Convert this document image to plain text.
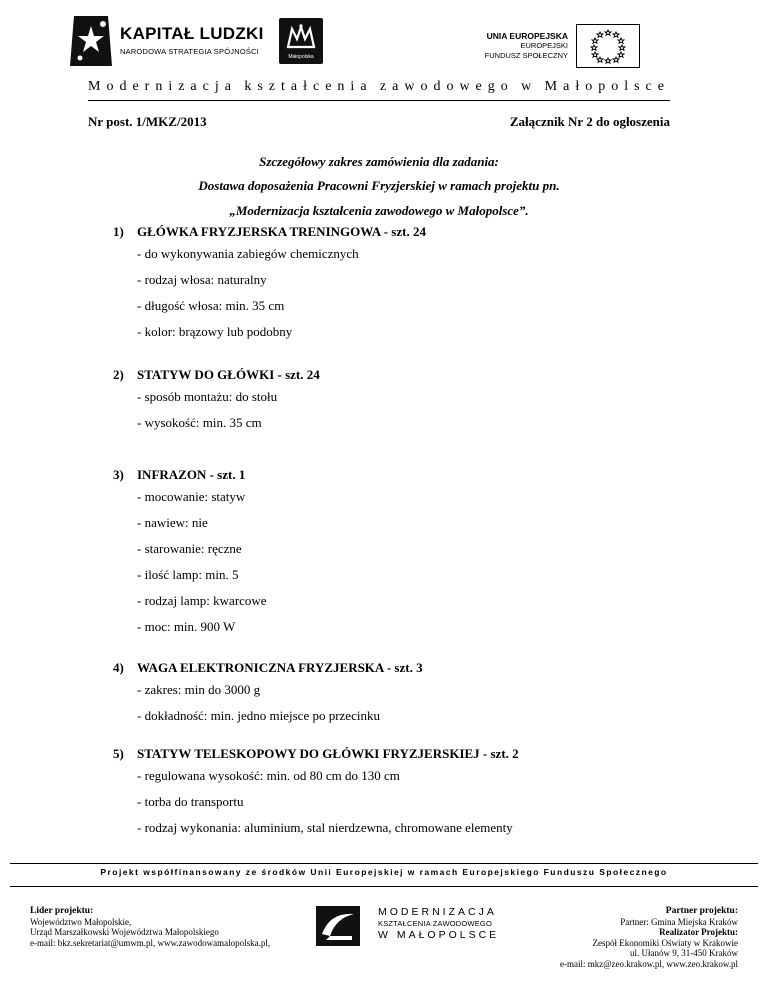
KAPITAŁ LUDZKI
NARODOWA STRATEGIA SPÓJNOŚCI
Małopolska
UNIA EUROPEJSKA
EUROPEJSKI
FUNDUSZ SPOŁECZNY
Modernizacja kształcenia zawodowego w Małopolsce
Nr post. 1/MKZ/2013	Załącznik Nr 2 do ogłoszenia
Szczegółowy zakres zamówienia dla zadania:
Dostawa doposażenia Pracowni Fryzjerskiej w ramach projektu pn.
„Modernizacja kształcenia zawodowego w Małopolsce”.
1) GŁÓWKA FRYZJERSKA TRENINGOWA - szt. 24
- do wykonywania zabiegów chemicznych
- rodzaj włosa: naturalny
- długość włosa: min. 35 cm
- kolor: brązowy lub podobny
2) STATYW DO GŁÓWKI - szt. 24
- sposób montażu: do stołu
- wysokość: min. 35 cm
3) INFRAZON - szt. 1
- mocowanie: statyw
- nawiew: nie
- starowanie: ręczne
- ilość lamp: min. 5
- rodzaj lamp: kwarcowe
- moc: min. 900 W
4) WAGA ELEKTRONICZNA FRYZJERSKA - szt. 3
- zakres: min do 3000 g
- dokładność: min. jedno miejsce po przecinku
5) STATYW TELESKOPOWY DO GŁÓWKI FRYZJERSKIEJ - szt. 2
- regulowana wysokość: min. od 80 cm do 130 cm
- torba do transportu
- rodzaj wykonania: aluminium, stal nierdzewna, chromowane elementy
Projekt współfinansowany ze środków Unii Europejskiej w ramach Europejskiego Funduszu Społecznego
Lider projektu:
Województwo Małopolskie,
Urząd Marszałkowski Województwa Małopolskiego
e-mail: bkz.sekretariat@umwm.pl, www.zawodowamalopolska.pl,
MODERNIZACJA
KSZTAŁCENIA ZAWODOWEGO
W MAŁOPOLSCE
Partner projektu:
Partner: Gmina Miejska Kraków
Realizator Projektu:
Zespół Ekonomiki Oświaty w Krakowie
ul. Ułanów 9, 31-450 Kraków
e-mail: mkz@zeo.krakow.pl, www.zeo.krakow.pl
